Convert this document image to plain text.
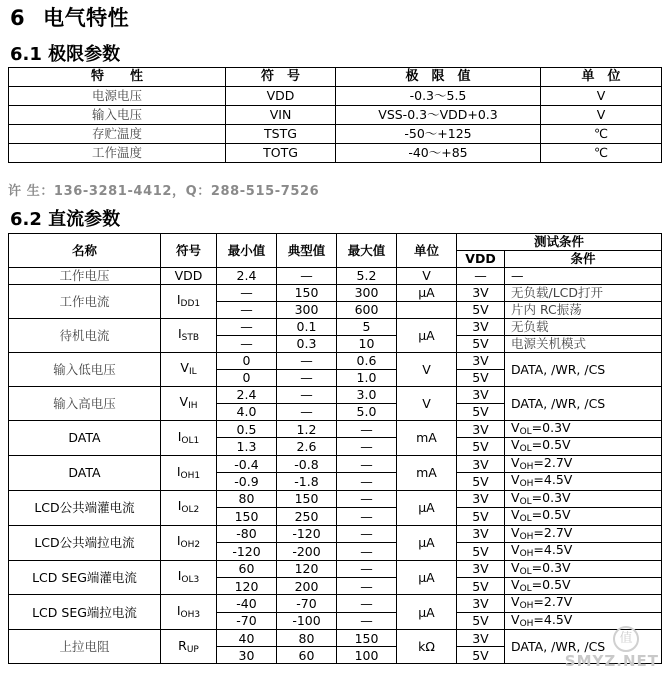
6 电气特性
6.1 极限参数
特　　性	符　号	极　限　值	单　位
电源电压	VDD	-0.3～5.5	V
输入电压	VIN	VSS-0.3～VDD+0.3	V
存贮温度	TSTG	-50～+125	℃
工作温度	TOTG	-40～+85	℃
许 生：136-3281-4412，Q：288-515-7526
6.2 直流参数
名称	符号	最小值	典型值	最大值	单位	测试条件	
						VDD	条件
工作电压	VDD	2.4	—	5.2	V	—	—
工作电流	$I_{DD1}$	—	150	300	μA	3V	无负载/LCD打开
		—	300	600		5V	片内 RC振荡
待机电流	$I_{STB}$	—	0.1	5	μA	3V	无负载
		—	0.3	10		5V	电源关机模式
输入低电压	$V_{IL}$	0	—	0.6	V	3V	DATA, /WR, /CS
		0	—	1.0		5V	
输入高电压	$V_{IH}$	2.4	—	3.0	V	3V	DATA, /WR, /CS
		4.0	—	5.0		5V	
DATA	$I_{OL1}$	0.5	1.2	—	mA	3V	$V_{OL}=0.3V$
		1.3	2.6	—		5V	$V_{OL}=0.5V$
DATA	$I_{OH1}$	-0.4	-0.8	—	mA	3V	$V_{OH}=2.7V$
		-0.9	-1.8	—		5V	$V_{OH}=4.5V$
LCD公共端灌电流	$I_{OL2}$	80	150	—	μA	3V	$V_{OL}=0.3V$
		150	250	—		5V	$V_{OL}=0.5V$
LCD公共端拉电流	$I_{OH2}$	-80	-120	—	μA	3V	$V_{OH}=2.7V$
		-120	-200	—		5V	$V_{OH}=4.5V$
LCD SEG端灌电流	$I_{OL3}$	60	120	—	μA	3V	$V_{OL}=0.3V$
		120	200	—		5V	$V_{OL}=0.5V$
LCD SEG端拉电流	$I_{OH3}$	-40	-70	—	μA	3V	$V_{OH}=2.7V$
		-70	-100	—		5V	$V_{OH}=4.5V$
上拉电阻	$R_{UP}$	40	80	150	kΩ	3V	DATA, /WR, /CS
		30	60	100		5V	
值
SMYZ.NET
